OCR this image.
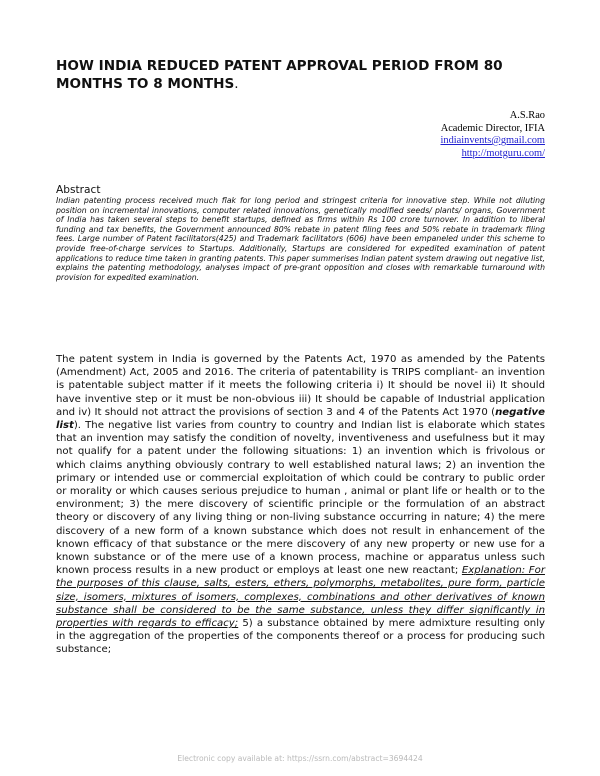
HOW INDIA REDUCED PATENT APPROVAL PERIOD FROM 80 MONTHS TO 8 MONTHS.
A.S.Rao
Academic Director, IFIA
indiainvents@gmail.com
http://motguru.com/
Abstract

Indian patenting process received much flak for long period and stringest criteria for innovative step. While not diluting position on incremental innovations, computer related innovations, genetically modified seeds/ plants/ organs, Government of India has taken several steps to benefit startups, defined as firms within Rs 100 crore turnover. In addition to liberal funding and tax benefits, the Government announced 80% rebate in patent filing fees and 50% rebate in trademark filing fees. Large number of Patent facilitators(425) and Trademark facilitators (606) have been empaneled under this scheme to provide free-of-charge services to Startups. Additionally, Startups are considered for expedited examination of patent applications to reduce time taken in granting patents. This paper summerises Indian patent system drawing out negative list, explains the patenting methodology, analyses impact of pre-grant opposition and closes with remarkable turnaround with provision for expedited examination.

The patent system in India is governed by the Patents Act, 1970 as amended by the Patents (Amendment) Act, 2005 and 2016. The criteria of patentability is TRIPS compliant- an invention is patentable subject matter if it meets the following criteria i) It should be novel ii) It should have inventive step or it must be non-obvious iii) It should be capable of Industrial application and iv) It should not attract the provisions of section 3 and 4 of the Patents Act 1970 (negative list). The negative list varies from country to country and Indian list is elaborate which states that an invention may satisfy the condition of novelty, inventiveness and usefulness but it may not qualify for a patent under the following situations: 1) an invention which is frivolous or which claims anything obviously contrary to well established natural laws; 2) an invention the primary or intended use or commercial exploitation of which could be contrary to public order or morality or which causes serious prejudice to human , animal or plant life or health or to the environment; 3) the mere discovery of scientific principle or the formulation of an abstract theory or discovery of any living thing or non-living substance occurring in nature; 4) the mere discovery of a new form of a known substance which does not result in enhancement of the known efficacy of that substance or the mere discovery of any new property or new use for a known substance or of the mere use of a known process, machine or apparatus unless such known process results in a new product or employs at least one new reactant; Explanation: For the purposes of this clause, salts, esters, ethers, polymorphs, metabolites, pure form, particle size, isomers, mixtures of isomers, complexes, combinations and other derivatives of known substance shall be considered to be the same substance, unless they differ significantly in properties with regards to efficacy; 5) a substance obtained by mere admixture resulting only in the aggregation of the properties of the components thereof or a process for producing such substance;

Electronic copy available at: https://ssrn.com/abstract=3694424
